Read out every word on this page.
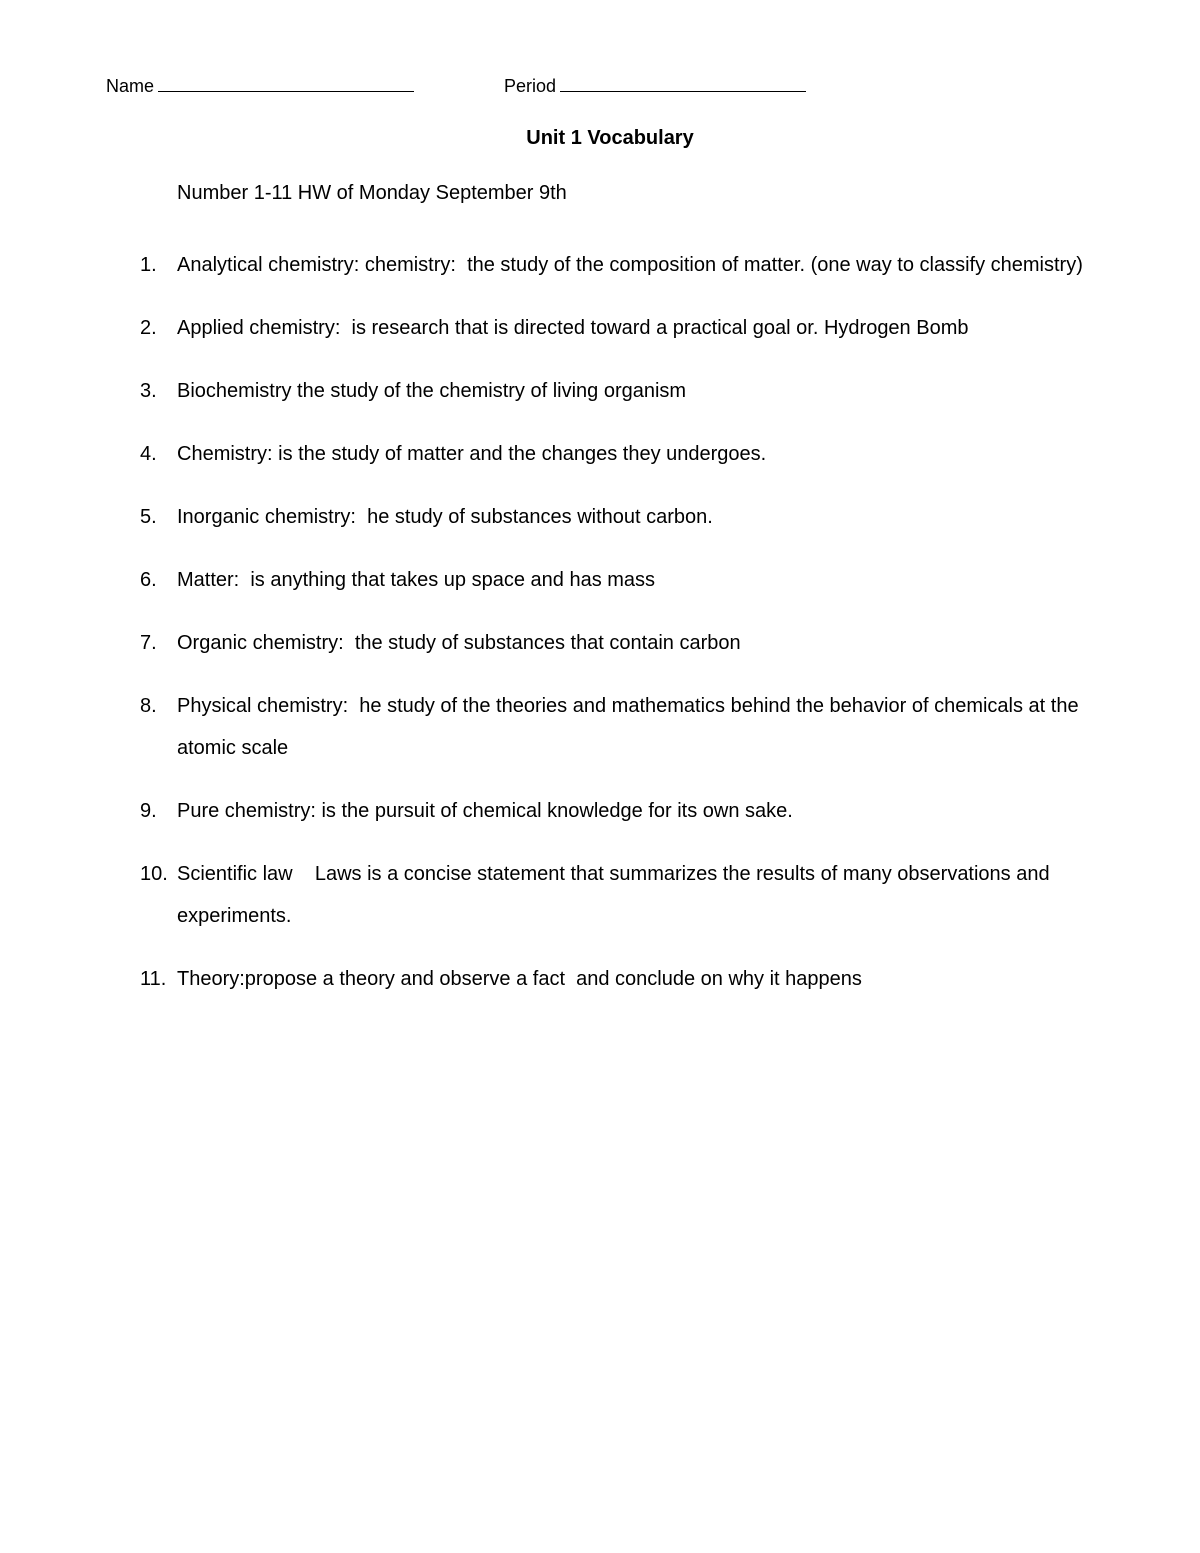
Name	Period
Unit 1 Vocabulary
Number 1-11 HW of Monday September 9th
1. Analytical chemistry: chemistry:  the study of the composition of matter. (one way to classify chemistry)
2. Applied chemistry:  is research that is directed toward a practical goal or. Hydrogen Bomb
3. Biochemistry the study of the chemistry of living organism
4. Chemistry: is the study of matter and the changes they undergoes.
5. Inorganic chemistry:  he study of substances without carbon.
6. Matter:  is anything that takes up space and has mass
7. Organic chemistry:  the study of substances that contain carbon
8. Physical chemistry:  he study of the theories and mathematics behind the behavior of chemicals at the atomic scale
9. Pure chemistry: is the pursuit of chemical knowledge for its own sake.
10. Scientific law    Laws is a concise statement that summarizes the results of many observations and experiments.
11. Theory:propose a theory and observe a fact  and conclude on why it happens
